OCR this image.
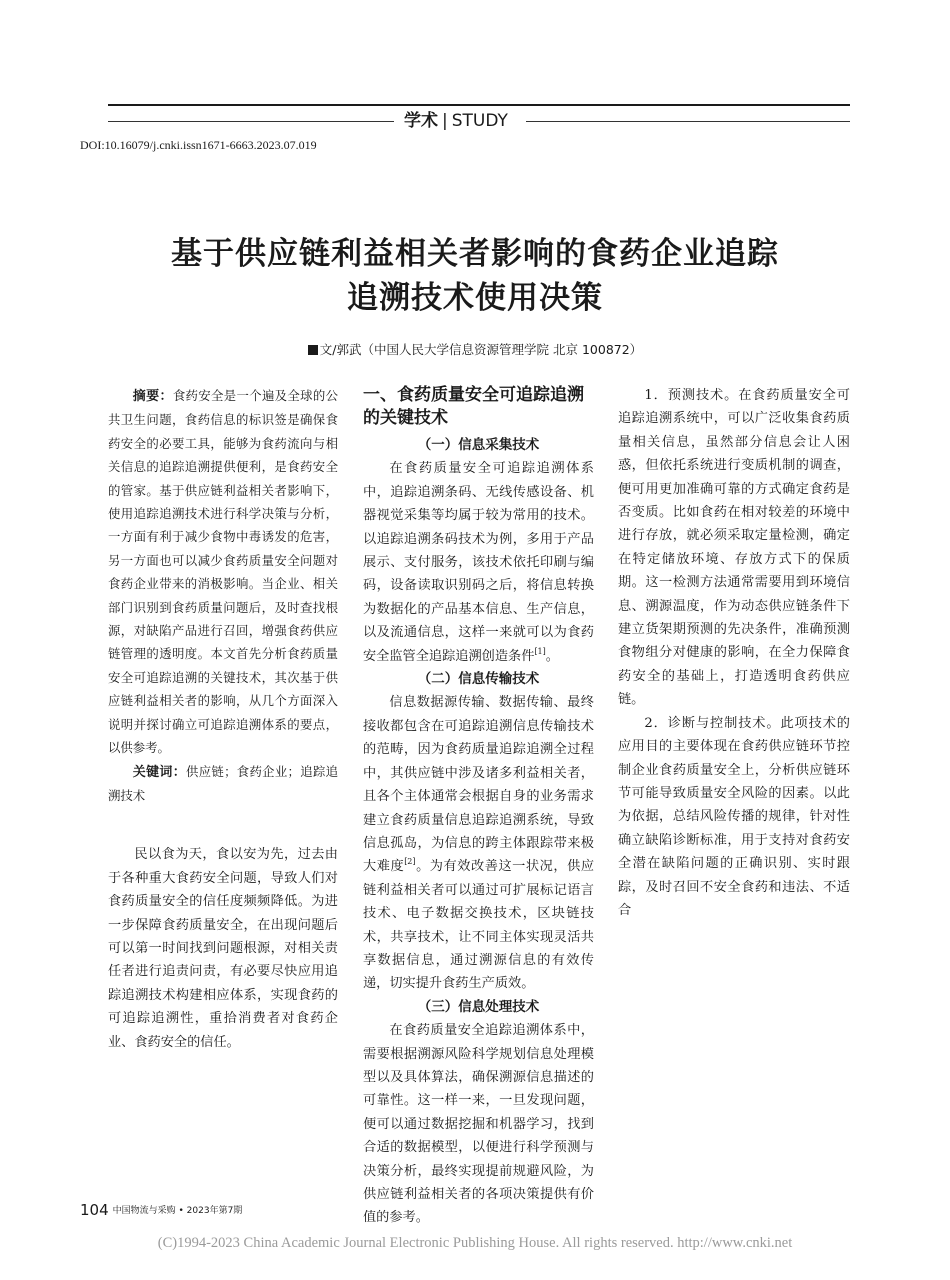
学术 | STUDY
DOI:10.16079/j.cnki.issn1671-6663.2023.07.019
基于供应链利益相关者影响的食药企业追踪
追溯技术使用决策
文/郭武（中国人民大学信息资源管理学院 北京 100872）

摘要：食药安全是一个遍及全球的公共卫生问题，食药信息的标识签是确保食药安全的必要工具，能够为食药流向与相关信息的追踪追溯提供便利，是食药安全的管家。基于供应链利益相关者影响下，使用追踪追溯技术进行科学决策与分析，一方面有利于减少食物中毒诱发的危害，另一方面也可以减少食药质量安全问题对食药企业带来的消极影响。当企业、相关部门识别到食药质量问题后，及时查找根源，对缺陷产品进行召回，增强食药供应链管理的透明度。本文首先分析食药质量安全可追踪追溯的关键技术，其次基于供应链利益相关者的影响，从几个方面深入说明并探讨确立可追踪追溯体系的要点，以供参考。

关键词：供应链；食药企业；追踪追溯技术

民以食为天，食以安为先，过去由于各种重大食药安全问题，导致人们对食药质量安全的信任度频频降低。为进一步保障食药质量安全，在出现问题后可以第一时间找到问题根源，对相关责任者进行追责问责，有必要尽快应用追踪追溯技术构建相应体系，实现食药的可追踪追溯性，重拾消费者对食药企业、食药安全的信任。

一、食药质量安全可追踪追溯的关键技术
（一）信息采集技术

在食药质量安全可追踪追溯体系中，追踪追溯条码、无线传感设备、机器视觉采集等均属于较为常用的技术。以追踪追溯条码技术为例，多用于产品展示、支付服务，该技术依托印刷与编码，设备读取识别码之后，将信息转换为数据化的产品基本信息、生产信息，以及流通信息，这样一来就可以为食药安全监管全追踪追溯创造条件[1]。

（二）信息传输技术

信息数据源传输、数据传输、最终接收都包含在可追踪追溯信息传输技术的范畴，因为食药质量追踪追溯全过程中，其供应链中涉及诸多利益相关者，且各个主体通常会根据自身的业务需求建立食药质量信息追踪追溯系统，导致信息孤岛，为信息的跨主体跟踪带来极大难度[2]。为有效改善这一状况，供应链利益相关者可以通过可扩展标记语言技术、电子数据交换技术，区块链技术，共享技术，让不同主体实现灵活共享数据信息，通过溯源信息的有效传递，切实提升食药生产质效。

（三）信息处理技术

在食药质量安全追踪追溯体系中，需要根据溯源风险科学规划信息处理模型以及具体算法，确保溯源信息描述的可靠性。这一样一来，一旦发现问题，便可以通过数据挖掘和机器学习，找到合适的数据模型，以便进行科学预测与决策分析，最终实现提前规避风险，为供应链利益相关者的各项决策提供有价值的参考。

1．预测技术。在食药质量安全可追踪追溯系统中，可以广泛收集食药质量相关信息，虽然部分信息会让人困惑，但依托系统进行变质机制的调查，便可用更加准确可靠的方式确定食药是否变质。比如食药在相对较差的环境中进行存放，就必须采取定量检测，确定在特定储放环境、存放方式下的保质期。这一检测方法通常需要用到环境信息、溯源温度，作为动态供应链条件下建立货架期预测的先决条件，准确预测食物组分对健康的影响，在全力保障食药安全的基础上，打造透明食药供应链。

2．诊断与控制技术。此项技术的应用目的主要体现在食药供应链环节控制企业食药质量安全上，分析供应链环节可能导致质量安全风险的因素。以此为依据，总结风险传播的规律，针对性确立缺陷诊断标准，用于支持对食药安全潜在缺陷问题的正确识别、实时跟踪，及时召回不安全食药和违法、不适合

104 中国物流与采购 • 2023年第7期
(C)1994-2023 China Academic Journal Electronic Publishing House. All rights reserved. http://www.cnki.net
